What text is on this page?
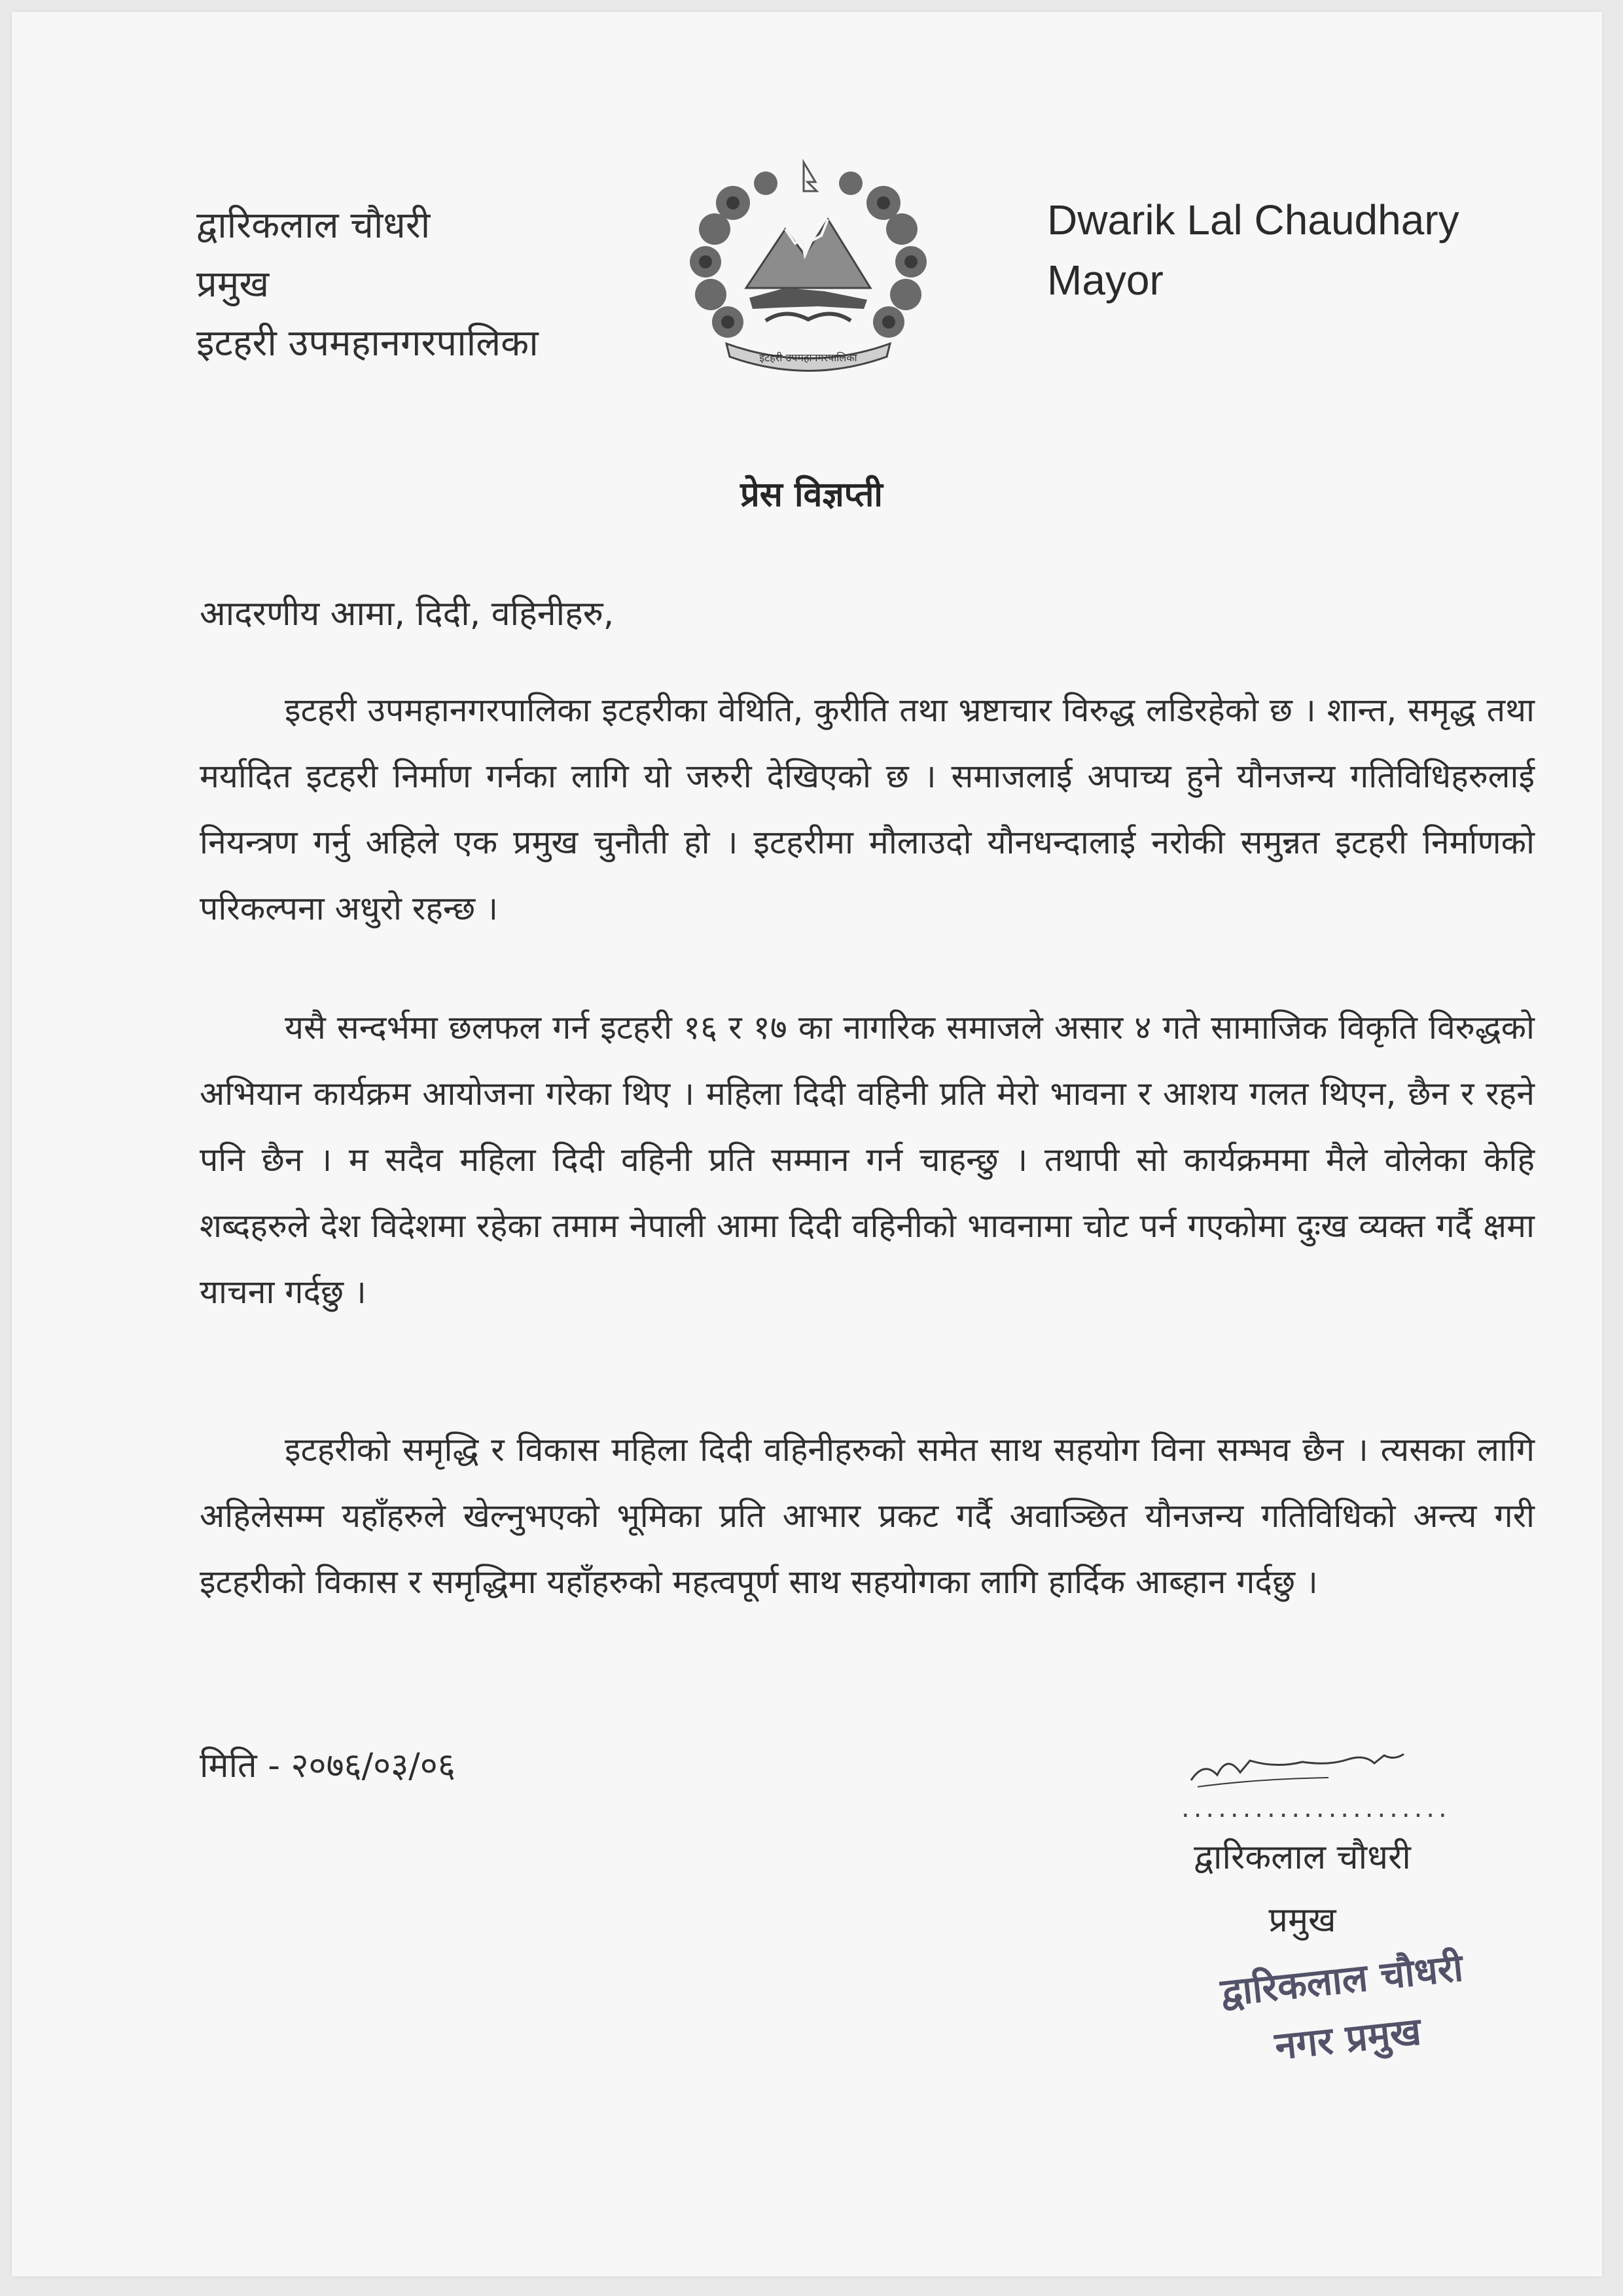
द्वारिकलाल चौधरी
प्रमुख
इटहरी उपमहानगरपालिका	इटहरी उपमहानगरपालिका
Dwarik Lal Chaudhary
Mayor
प्रेस विज्ञप्ती
आदरणीय आमा, दिदी, वहिनीहरु,
इटहरी उपमहानगरपालिका इटहरीका वेथिति, कुरीति तथा भ्रष्टाचार विरुद्ध लडिरहेको छ । शान्त, समृद्ध तथा मर्यादित इटहरी निर्माण गर्नका लागि यो जरुरी देखिएको छ । समाजलाई अपाच्य हुने यौनजन्य गतिविधिहरुलाई नियन्त्रण गर्नु अहिले एक प्रमुख चुनौती हो । इटहरीमा मौलाउदो यौनधन्दालाई नरोकी समुन्नत इटहरी निर्माणको परिकल्पना अधुरो रहन्छ ।
यसै सन्दर्भमा छलफल गर्न इटहरी १६ र १७ का नागरिक समाजले असार ४ गते सामाजिक विकृति विरुद्धको अभियान कार्यक्रम आयोजना गरेका थिए । महिला दिदी वहिनी प्रति मेरो भावना र आशय गलत थिएन, छैन र रहने पनि छैन । म सदैव महिला दिदी वहिनी प्रति सम्मान गर्न चाहन्छु । तथापी सो कार्यक्रममा मैले वोलेका केहि शब्दहरुले देश विदेशमा रहेका तमाम नेपाली आमा दिदी वहिनीको भावनामा चोट पर्न गएकोमा दुःख व्यक्त गर्दै क्षमा याचना गर्दछु ।
इटहरीको समृद्धि र विकास महिला दिदी वहिनीहरुको समेत साथ सहयोग विना सम्भव छैन । त्यसका लागि अहिलेसम्म यहाँहरुले खेल्नुभएको भूमिका प्रति आभार प्रकट गर्दै अवाञ्छित यौनजन्य गतिविधिको अन्त्य गरी इटहरीको विकास र समृद्धिमा यहाँहरुको महत्वपूर्ण साथ सहयोगका लागि हार्दिक आब्हान गर्दछु ।
मिति - २०७६/०३/०६
......................
द्वारिकलाल चौधरी
प्रमुख
द्वारिकलाल चौधरी
नगर प्रमुख
